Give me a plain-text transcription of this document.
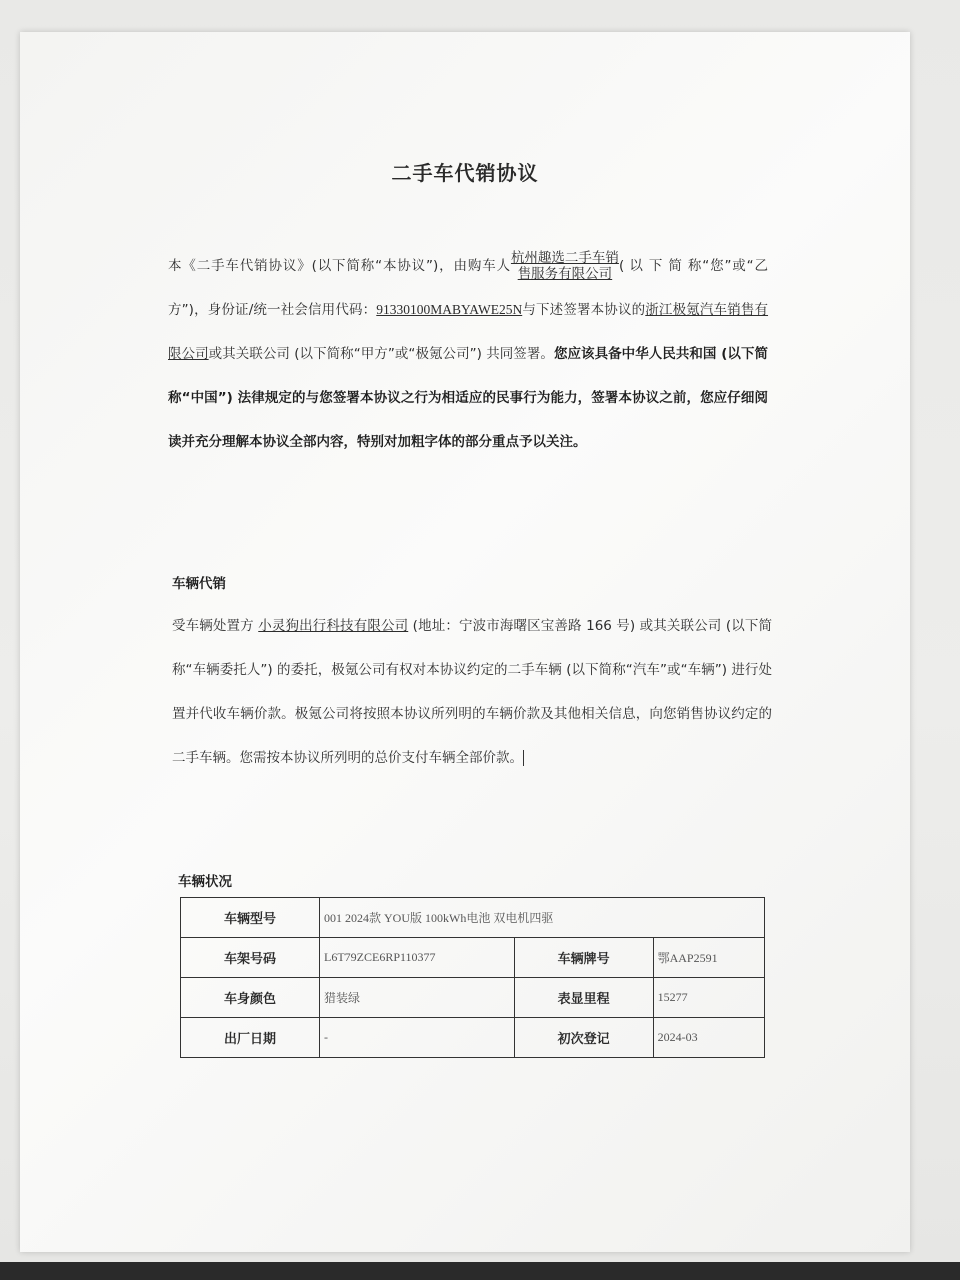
二手车代销协议
本《二手车代销协议》(以下简称“本协议”)，由购车人 杭州趣选二手车销
售服务有限公司 ( 以 下 简 称“您”或“乙方”)，身份证/统一社会信用代码：91330100MABYAWE25N与下述签署本协议的浙江极氪汽车销售有限公司或其关联公司 (以下简称“甲方”或“极氪公司”) 共同签署。您应该具备中华人民共和国 (以下简称“中国”) 法律规定的与您签署本协议之行为相适应的民事行为能力，签署本协议之前，您应仔细阅读并充分理解本协议全部内容，特别对加粗字体的部分重点予以关注。
车辆代销
受车辆处置方 小灵狗出行科技有限公司 (地址：宁波市海曙区宝善路 166 号) 或其关联公司 (以下简称“车辆委托人”) 的委托，极氪公司有权对本协议约定的二手车辆 (以下简称“汽车”或“车辆”) 进行处置并代收车辆价款。极氪公司将按照本协议所列明的车辆价款及其他相关信息，向您销售协议约定的二手车辆。您需按本协议所列明的总价支付车辆全部价款。
车辆状况
车辆型号	001 2024款 YOU版 100kWh电池 双电机四驱		
车架号码	L6T79ZCE6RP110377	车辆牌号	鄂AAP2591
车身颜色	猎装绿	表显里程	15277
出厂日期	-	初次登记	2024-03
